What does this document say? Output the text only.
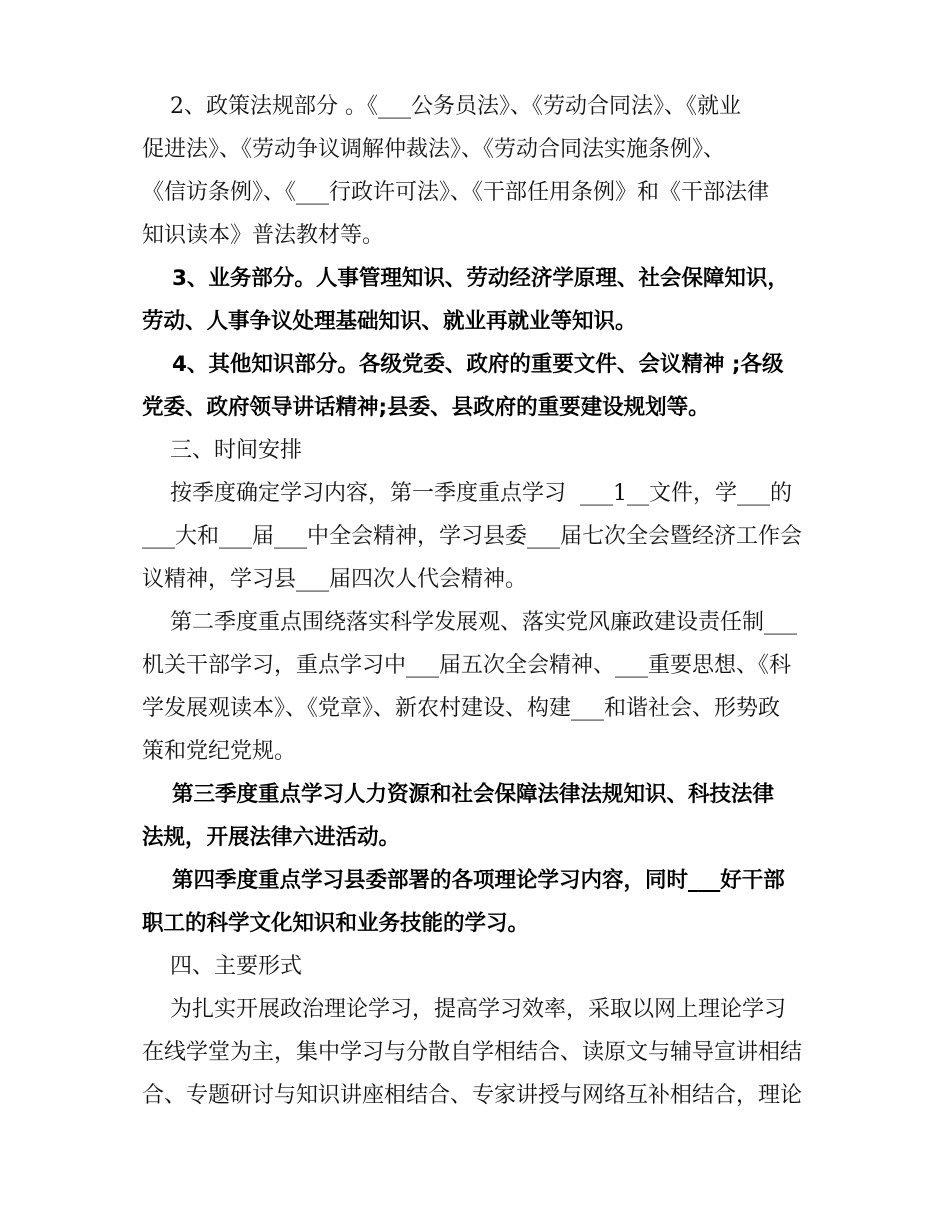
2、政策法规部分 。《___公务员法》、《劳动合同法》、《就业
促进法》、《劳动争议调解仲裁法》、《劳动合同法实施条例》、
《信访条例》、《___行政许可法》、《干部任用条例》和《干部法律
知识读本》普法教材等。
3、业务部分。人事管理知识、劳动经济学原理、社会保障知识，
劳动、人事争议处理基础知识、就业再就业等知识。
4、其他知识部分。各级党委、政府的重要文件、会议精神 ;各级
党委、政府领导讲话精神;县委、县政府的重要建设规划等。
三、时间安排
按季度确定学习内容，第一季度重点学习  ___1__文件，学___的
___大和___届___中全会精神，学习县委___届七次全会暨经济工作会
议精神，学习县___届四次人代会精神。
第二季度重点围绕落实科学发展观、落实党风廉政建设责任制___
机关干部学习，重点学习中___届五次全会精神、___重要思想、《科
学发展观读本》、《党章》、新农村建设、构建___和谐社会、形势政
策和党纪党规。
第三季度重点学习人力资源和社会保障法律法规知识、科技法律
法规，开展法律六进活动。
第四季度重点学习县委部署的各项理论学习内容，同时___好干部
职工的科学文化知识和业务技能的学习。
四、主要形式
为扎实开展政治理论学习，提高学习效率，采取以网上理论学习
在线学堂为主，集中学习与分散自学相结合、读原文与辅导宣讲相结
合、专题研讨与知识讲座相结合、专家讲授与网络互补相结合，理论
